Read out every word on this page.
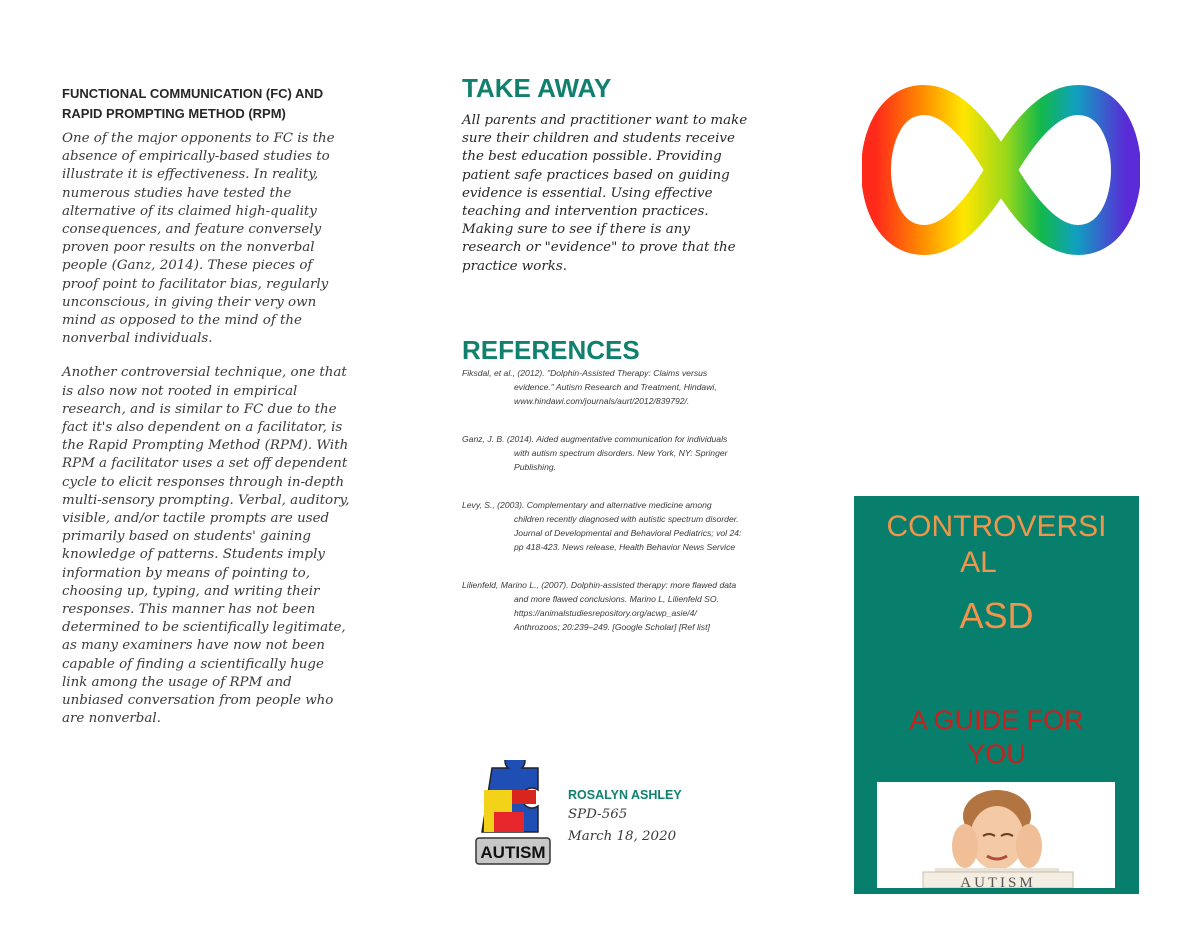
FUNCTIONAL COMMUNICATION (FC) AND RAPID PROMPTING METHOD (RPM)

One of the major opponents to FC is the absence of empirically-based studies to illustrate it is effectiveness. In reality, numerous studies have tested the alternative of its claimed high-quality consequences, and feature conversely proven poor results on the nonverbal people (Ganz, 2014). These pieces of proof point to facilitator bias, regularly unconscious, in giving their very own mind as opposed to the mind of the nonverbal individuals.

Another controversial technique, one that is also now not rooted in empirical research, and is similar to FC due to the fact it's also dependent on a facilitator, is the Rapid Prompting Method (RPM). With RPM a facilitator uses a set off dependent cycle to elicit responses through in-depth multi-sensory prompting. Verbal, auditory, visible, and/or tactile prompts are used primarily based on students' gaining knowledge of patterns. Students imply information by means of pointing to, choosing up, typing, and writing their responses. This manner has not been determined to be scientifically legitimate, as many examiners have now not been capable of finding a scientifically huge link among the usage of RPM and unbiased conversation from people who are nonverbal.

TAKE AWAY
All parents and practitioner want to make sure their children and students receive the best education possible. Providing patient safe practices based on guiding evidence is essential. Using effective teaching and intervention practices. Making sure to see if there is any research or "evidence" to prove that the practice works.
REFERENCES
Fiksdal, et al., (2012). "Dolphin-Assisted Therapy: Claims versus evidence." Autism Research and Treatment, Hindawi, www.hindawi.com/journals/aurt/2012/839792/.
Ganz, J. B. (2014). Aided augmentative communication for individuals with autism spectrum disorders. New York, NY: Springer Publishing.
Levy, S., (2003). Complementary and alternative medicine among children recently diagnosed with autistic spectrum disorder. Journal of Developmental and Behavioral Pediatrics; vol 24: pp 418-423. News release, Health Behavior News Service
Lilienfeld, Marino L., (2007). Dolphin-assisted therapy: more flawed data and more flawed conclusions. Marino L, Lilienfeld SO. https://animalstudiesrepository.org/acwp_asie/4/ Anthrozoos; 20:239–249. [Google Scholar] [Ref list]
AUTISM
ROSALYN ASHLEY
SPD-565
March 18, 2020
CONTROVERSI
AL
ASD
A GUIDE FOR
YOU
AUTISM
